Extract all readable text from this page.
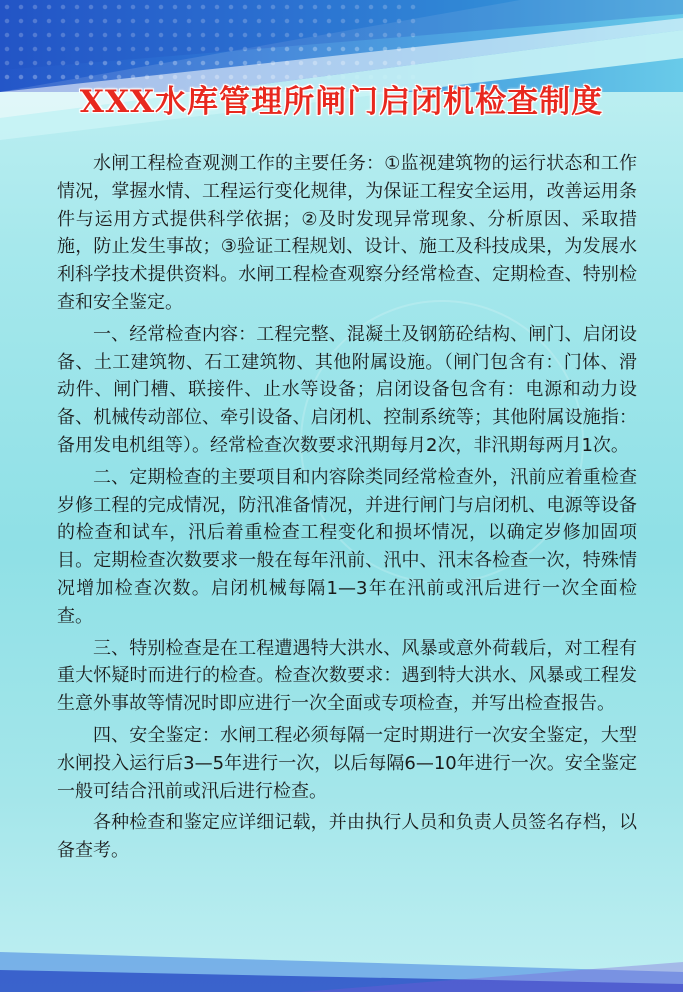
XXX水库管理所闸门启闭机检查制度

水闸工程检查观测工作的主要任务：①监视建筑物的运行状态和工作情况，掌握水情、工程运行变化规律，为保证工程安全运用，改善运用条件与运用方式提供科学依据；②及时发现异常现象、分析原因、采取措施，防止发生事故；③验证工程规划、设计、施工及科技成果，为发展水利科学技术提供资料。水闸工程检查观察分经常检查、定期检查、特别检查和安全鉴定。

一、经常检查内容：工程完整、混凝土及钢筋砼结构、闸门、启闭设备、土工建筑物、石工建筑物、其他附属设施。（闸门包含有：门体、滑动件、闸门槽、联接件、止水等设备；启闭设备包含有：电源和动力设备、机械传动部位、牵引设备、启闭机、控制系统等；其他附属设施指：备用发电机组等）。经常检查次数要求汛期每月2次，非汛期每两月1次。

二、定期检查的主要项目和内容除类同经常检查外，汛前应着重检查岁修工程的完成情况，防汛准备情况，并进行闸门与启闭机、电源等设备的检查和试车，汛后着重检查工程变化和损坏情况，以确定岁修加固项目。定期检查次数要求一般在每年汛前、汛中、汛末各检查一次，特殊情况增加检查次数。启闭机械每隔1—3年在汛前或汛后进行一次全面检查。

三、特别检查是在工程遭遇特大洪水、风暴或意外荷载后，对工程有重大怀疑时而进行的检查。检查次数要求：遇到特大洪水、风暴或工程发生意外事故等情况时即应进行一次全面或专项检查，并写出检查报告。

四、安全鉴定：水闸工程必须每隔一定时期进行一次安全鉴定，大型水闸投入运行后3—5年进行一次，以后每隔6—10年进行一次。安全鉴定一般可结合汛前或汛后进行检查。

各种检查和鉴定应详细记载，并由执行人员和负责人员签名存档，以备查考。
